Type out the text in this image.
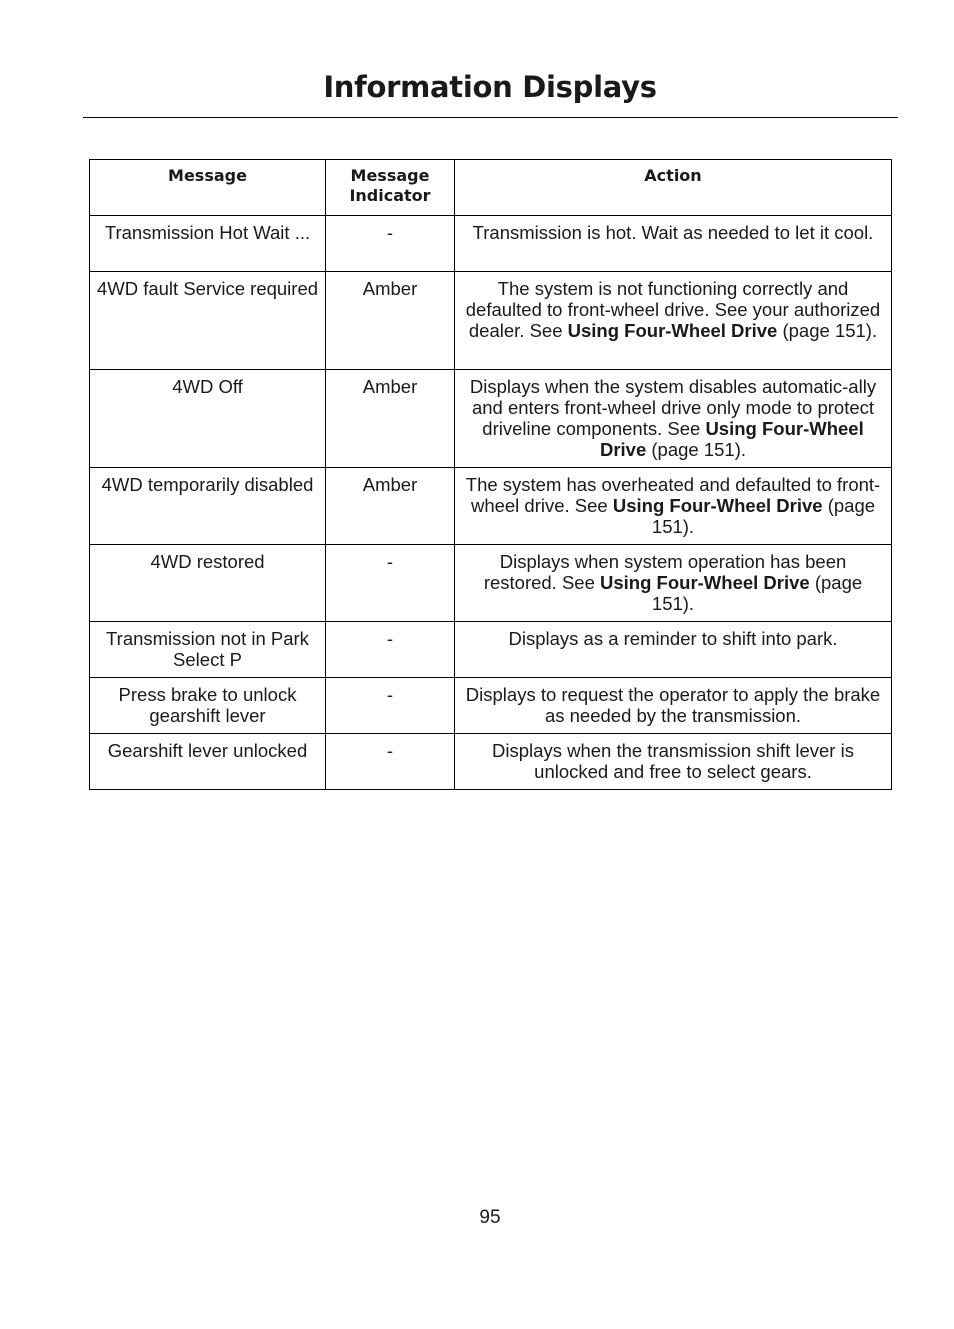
Information Displays
Message	Message Indicator	Action
Transmission Hot Wait ...	-	Transmission is hot. Wait as needed to let it cool.
4WD fault Service required	Amber	The system is not functioning correctly and defaulted to front-wheel drive. See your authorized dealer. See Using Four-Wheel Drive (page 151).
4WD Off	Amber	Displays when the system disables automatic-ally and enters front-wheel drive only mode to protect driveline components. See Using Four-Wheel Drive (page 151).
4WD temporarily disabled	Amber	The system has overheated and defaulted to front-wheel drive. See Using Four-Wheel Drive (page 151).
4WD restored	-	Displays when system operation has been restored. See Using Four-Wheel Drive (page 151).
Transmission not in Park Select P	-	Displays as a reminder to shift into park.
Press brake to unlock gearshift lever	-	Displays to request the operator to apply the brake as needed by the transmission.
Gearshift lever unlocked	-	Displays when the transmission shift lever is unlocked and free to select gears.
95
